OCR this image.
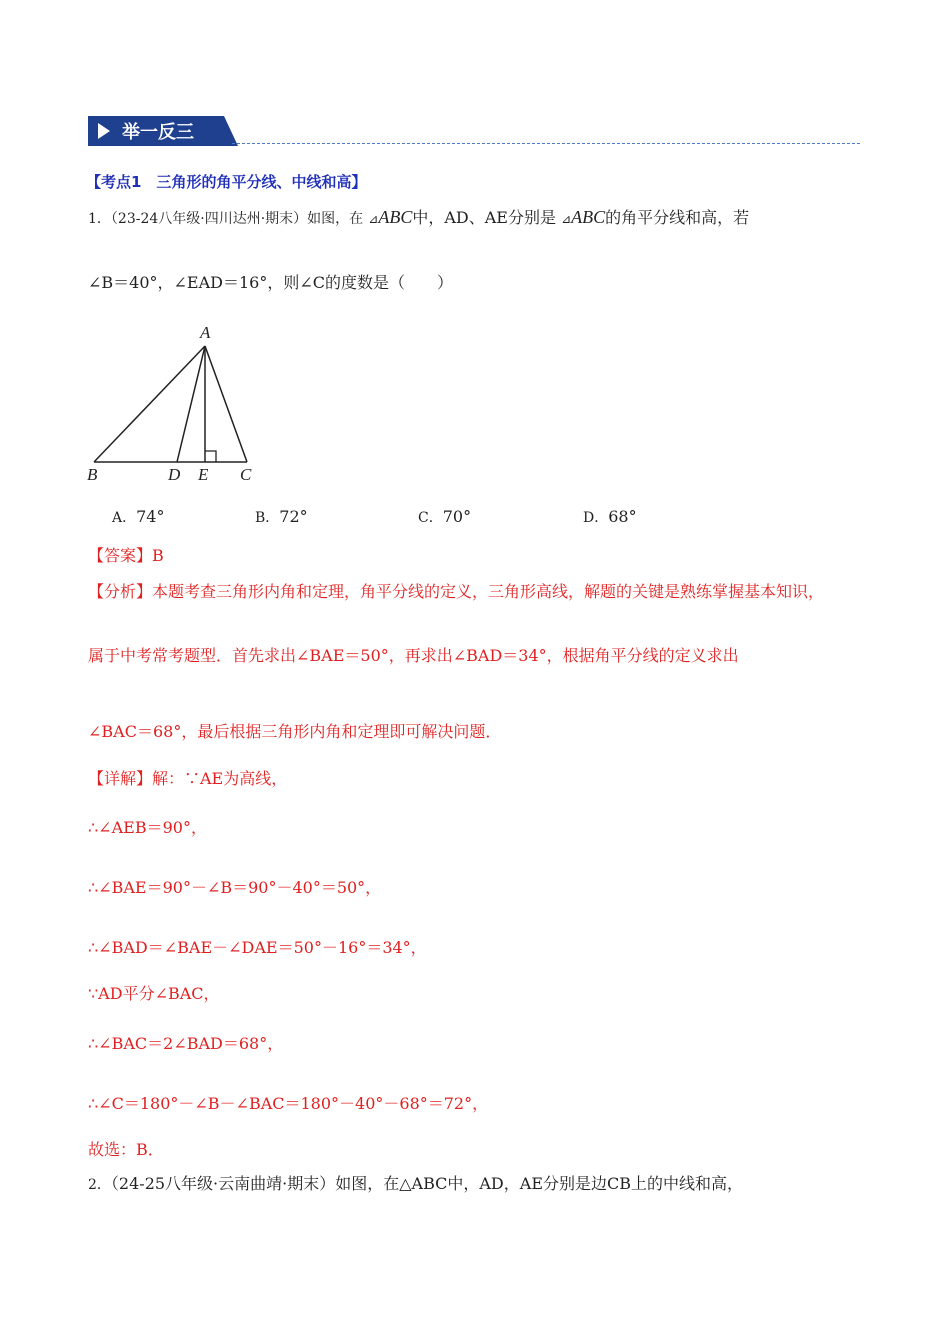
举一反三
【考点1　三角形的角平分线、中线和高】
1．（23-24八年级·四川达州·期末）如图，在 ⊿ABC中，AD、AE分别是 ⊿ABC的角平分线和高，若
∠B＝40°，∠EAD＝16°，则∠C的度数是（　　）
A
B	D E C
A．74°	B．72°	C．70°	D．68°
【答案】B
【分析】本题考查三角形内角和定理，角平分线的定义，三角形高线，解题的关键是熟练掌握基本知识，
属于中考常考题型．首先求出∠BAE＝50°，再求出∠BAD＝34°，根据角平分线的定义求出
∠BAC＝68°，最后根据三角形内角和定理即可解决问题．
【详解】解：∵AE为高线，
∴∠AEB＝90°，
∴∠BAE＝90°－∠B＝90°－40°＝50°，
∴∠BAD＝∠BAE－∠DAE＝50°－16°＝34°，
∵AD平分∠BAC，
∴∠BAC＝2∠BAD＝68°，
∴∠C＝180°－∠B－∠BAC＝180°－40°－68°＝72°，
故选：B．
2．（24-25八年级·云南曲靖·期末）如图，在△ABC中，AD，AE分别是边CB上的中线和高，
